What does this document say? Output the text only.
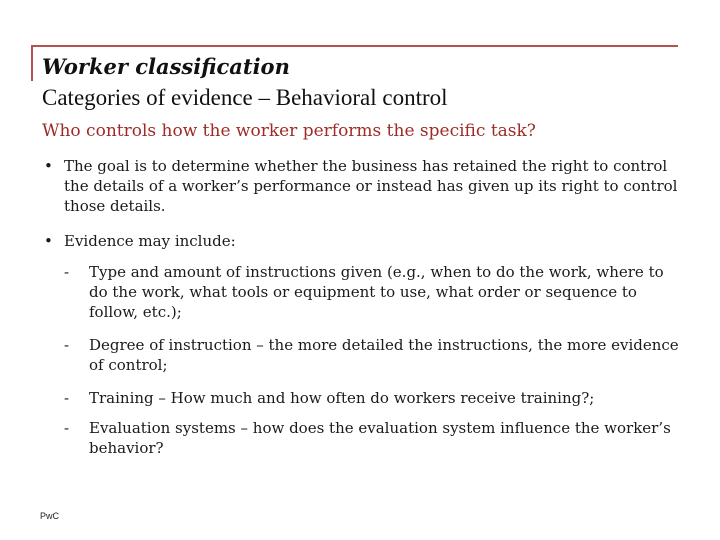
Worker classification
Categories of evidence – Behavioral control
Who controls how the worker performs the specific task?
• The goal is to determine whether the business has retained the right to control the details of a worker’s performance or instead has given up its right to control those details.
• Evidence may include:
-	Type and amount of instructions given (e.g., when to do the work, where to do the work, what tools or equipment to use, what order or sequence to follow, etc.);
-	Degree of instruction – the more detailed the instructions, the more evidence of control;
-	Training – How much and how often do workers receive training?;
-	Evaluation systems – how does the evaluation system influence the worker’s behavior?
PwC
